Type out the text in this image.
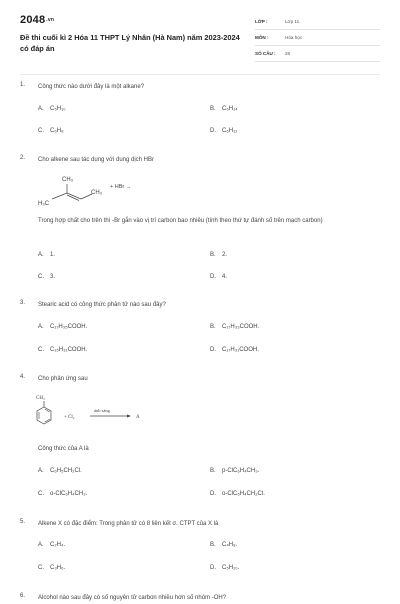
2048.vn
Đề thi cuối kì 2 Hóa 11 THPT Lý Nhân (Hà Nam) năm 2023-2024 có đáp án
LỚP :	Lớp 11
MÔN :	Hóa học
SỐ CÂU :	28
1. Công thức nào dưới đây là một alkane?
A. C₅H₁₀	B. C₆H₁₄
C. C₆H₈	D. C₆H₁₂
2. Cho alkene sau tác dụng với dung dịch HBr
CH₃
H₃C
CH₃
+ HBr →
Trong hợp chất cho trên thì -Br gắn vào vị trí carbon bao nhiêu (tính theo thứ tự đánh số trên mạch carbon)
A. 1.	B. 2.
C. 3.	D. 4.
3. Stearic acid có công thức phân tử nào sau đây?
A. C₁₇H₃₅COOH.	B. C₁₇H₃₃COOH.
C. C₁₅H₃₁COOH.	D. C₁₇H₃₁COOH.
4. Cho phản ứng sau
CH₃
+ Cl₂
ánh sáng
A
Công thức của A là
A. C₆H₅CH₂Cl.	B. p-ClC₆H₄CH₃.
C. o-ClC₆H₄CH₃.	D. o-ClC₆H₄CH₂Cl.
5. Alkene X có đặc điểm: Trong phân tử có 8 liên kết σ. CTPT của X là
A. C₂H₄.	B. C₄H₈.
C. C₃H₆.	D. C₅H₁₀.
6. Alcohol nào sau đây có số nguyên tử carbon nhiều hơn số nhóm -OH?
